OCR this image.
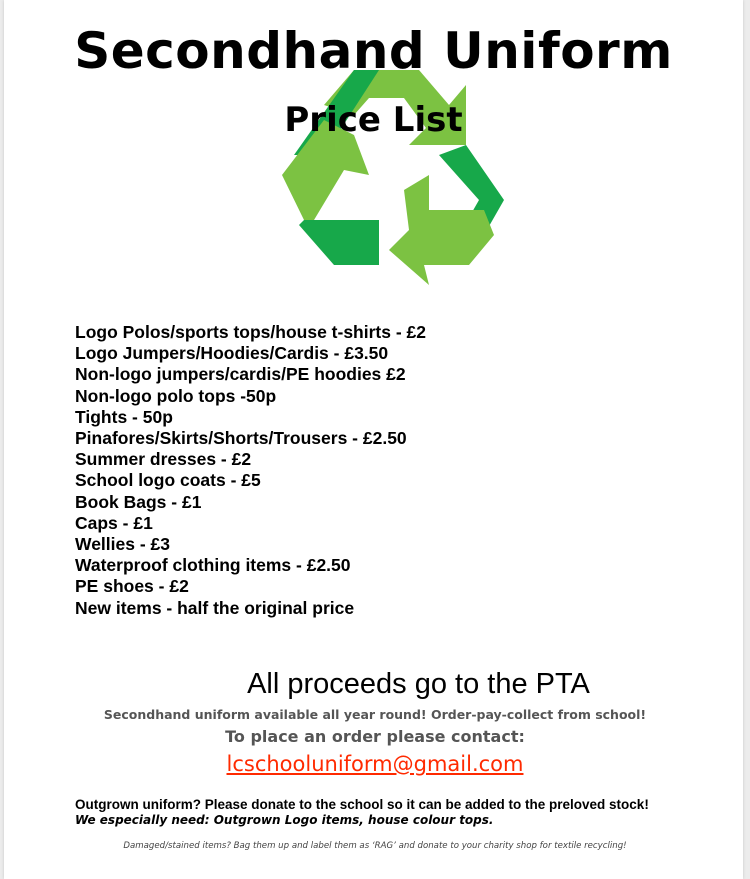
Secondhand Uniform
Price List
Logo Polos/sports tops/house t-shirts - £2
Logo Jumpers/Hoodies/Cardis - £3.50
Non-logo jumpers/cardis/PE hoodies £2
Non-logo polo tops -50p
Tights - 50p
Pinafores/Skirts/Shorts/Trousers - £2.50
Summer dresses - £2
School logo coats - £5
Book Bags - £1
Caps - £1
Wellies - £3
Waterproof clothing items - £2.50
PE shoes - £2
New items - half the original price
All proceeds go to the PTA
Secondhand uniform available all year round! Order-pay-collect from school!
To place an order please contact:
lcschooluniform@gmail.com
Outgrown uniform? Please donate to the school so it can be added to the preloved stock!
We especially need: Outgrown Logo items, house colour tops.
Damaged/stained items? Bag them up and label them as ‘RAG’ and donate to your charity shop for textile recycling!
